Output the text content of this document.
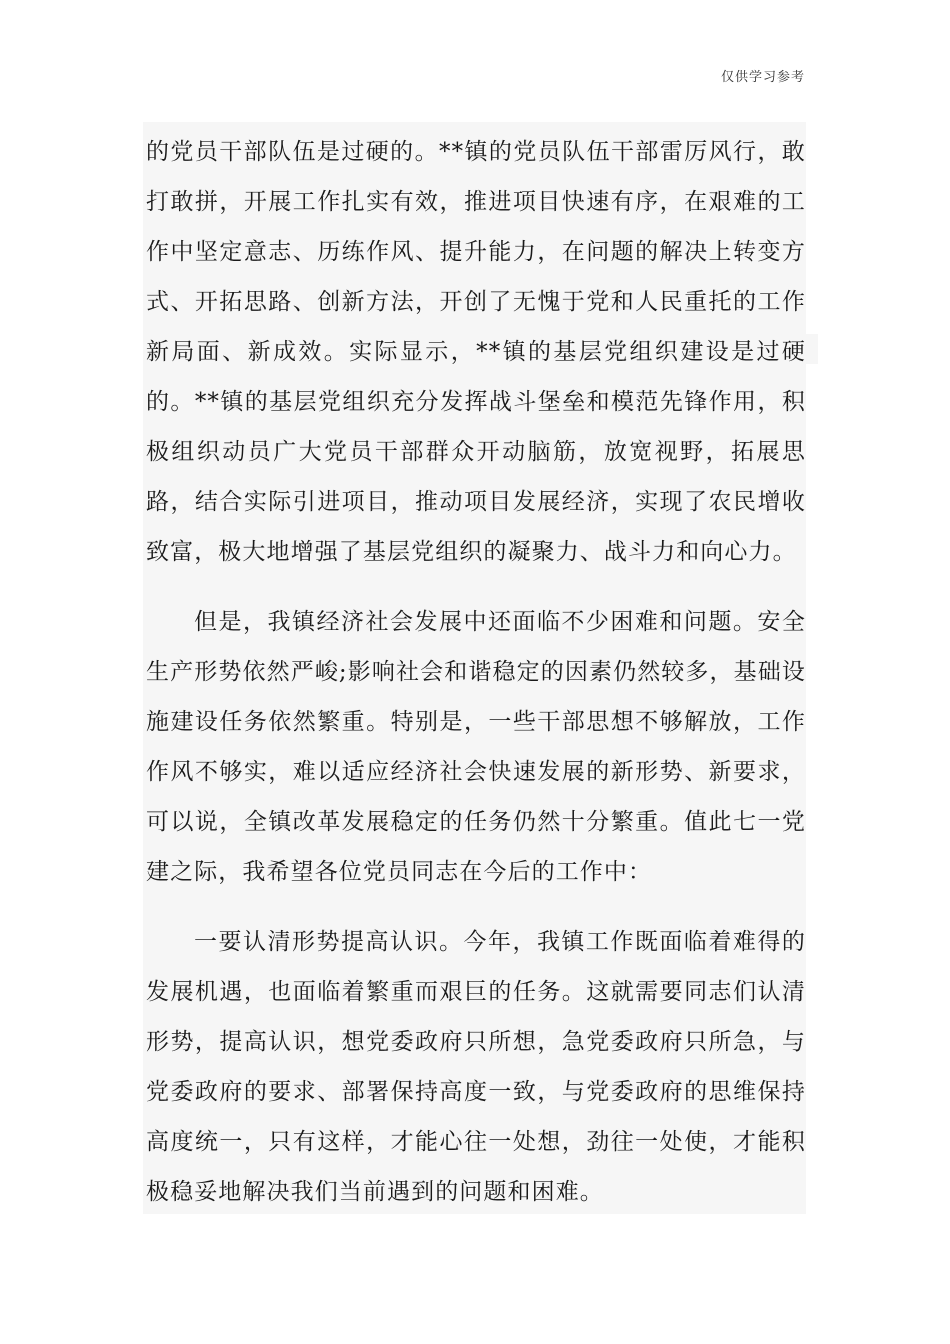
仅供学习参考

的党员干部队伍是过硬的。**镇的党员队伍干部雷厉风行，敢打敢拼，开展工作扎实有效，推进项目快速有序，在艰难的工作中坚定意志、历练作风、提升能力，在问题的解决上转变方式、开拓思路、创新方法，开创了无愧于党和人民重托的工作新局面、新成效。实际显示，**镇的基层党组织建设是过硬的。**镇的基层党组织充分发挥战斗堡垒和模范先锋作用，积极组织动员广大党员干部群众开动脑筋，放宽视野，拓展思路，结合实际引进项目，推动项目发展经济，实现了农民增收致富，极大地增强了基层党组织的凝聚力、战斗力和向心力。

但是，我镇经济社会发展中还面临不少困难和问题。安全生产形势依然严峻;影响社会和谐稳定的因素仍然较多，基础设施建设任务依然繁重。特别是，一些干部思想不够解放，工作作风不够实，难以适应经济社会快速发展的新形势、新要求，可以说，全镇改革发展稳定的任务仍然十分繁重。值此七一党建之际，我希望各位党员同志在今后的工作中：

一要认清形势提高认识。今年，我镇工作既面临着难得的发展机遇，也面临着繁重而艰巨的任务。这就需要同志们认清形势，提高认识，想党委政府只所想，急党委政府只所急，与党委政府的要求、部署保持高度一致，与党委政府的思维保持高度统一，只有这样，才能心往一处想，劲往一处使，才能积极稳妥地解决我们当前遇到的问题和困难。
